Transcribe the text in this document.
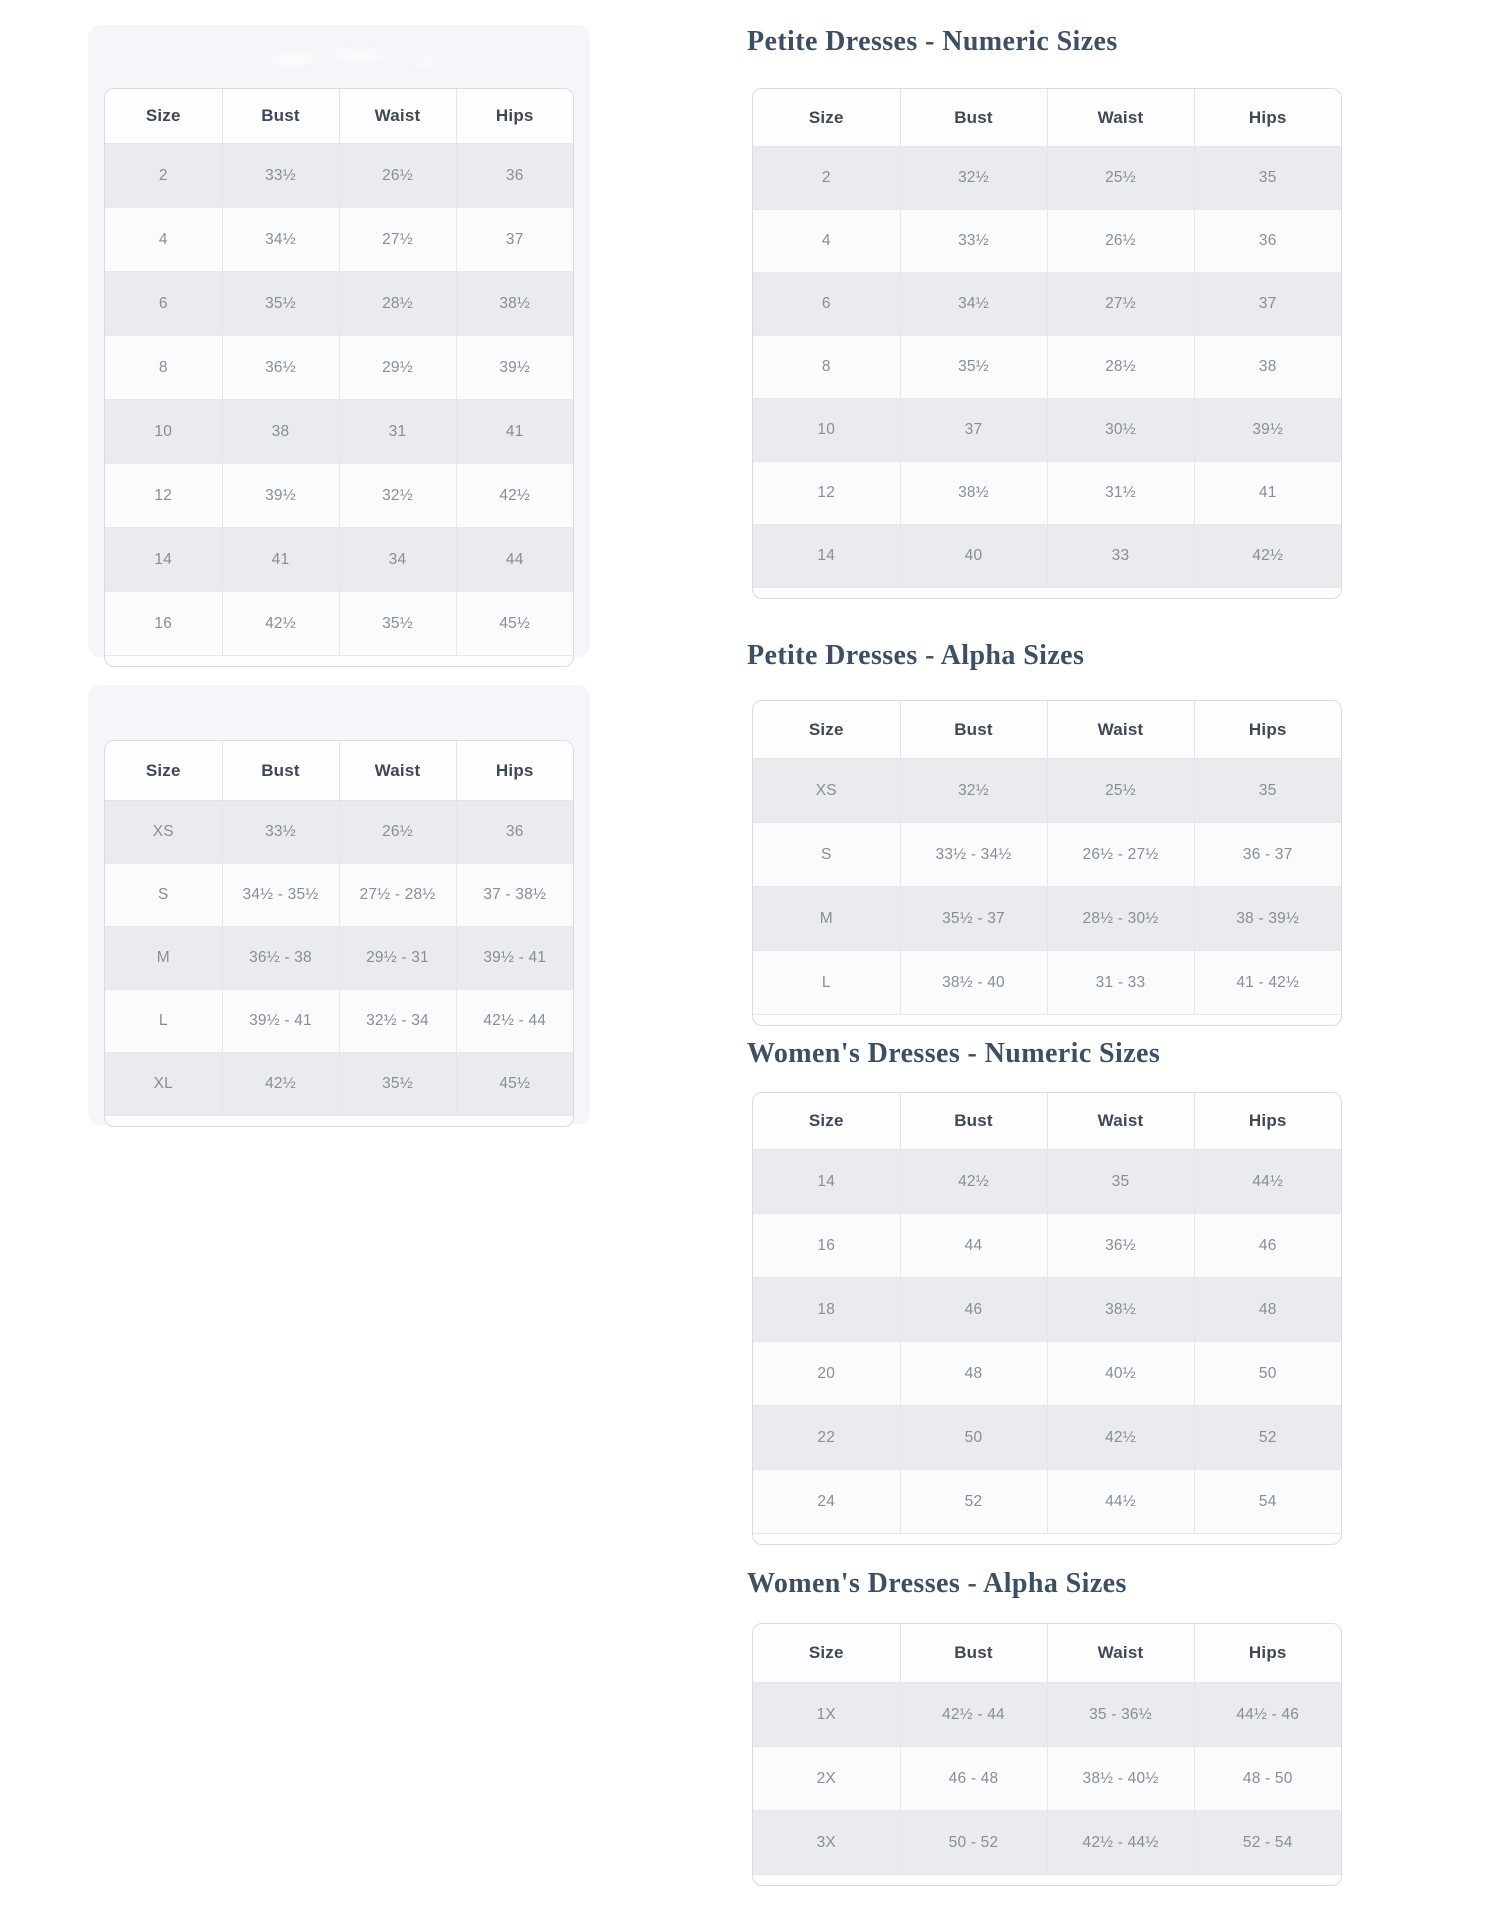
Size	Bust	Waist	Hips
2	33½	26½	36
4	34½	27½	37
6	35½	28½	38½
8	36½	29½	39½
10	38	31	41
12	39½	32½	42½
14	41	34	44
16	42½	35½	45½
Size	Bust	Waist	Hips
XS	33½	26½	36
S	34½ - 35½	27½ - 28½	37 - 38½
M	36½ - 38	29½ - 31	39½ - 41
L	39½ - 41	32½ - 34	42½ - 44
XL	42½	35½	45½
Petite Dresses - Numeric Sizes
Size	Bust	Waist	Hips
2	32½	25½	35
4	33½	26½	36
6	34½	27½	37
8	35½	28½	38
10	37	30½	39½
12	38½	31½	41
14	40	33	42½
Petite Dresses - Alpha Sizes
Size	Bust	Waist	Hips
XS	32½	25½	35
S	33½ - 34½	26½ - 27½	36 - 37
M	35½ - 37	28½ - 30½	38 - 39½
L	38½ - 40	31 - 33	41 - 42½
Women's Dresses - Numeric Sizes
Size	Bust	Waist	Hips
14	42½	35	44½
16	44	36½	46
18	46	38½	48
20	48	40½	50
22	50	42½	52
24	52	44½	54
Women's Dresses - Alpha Sizes
Size	Bust	Waist	Hips
1X	42½ - 44	35 - 36½	44½ - 46
2X	46 - 48	38½ - 40½	48 - 50
3X	50 - 52	42½ - 44½	52 - 54
